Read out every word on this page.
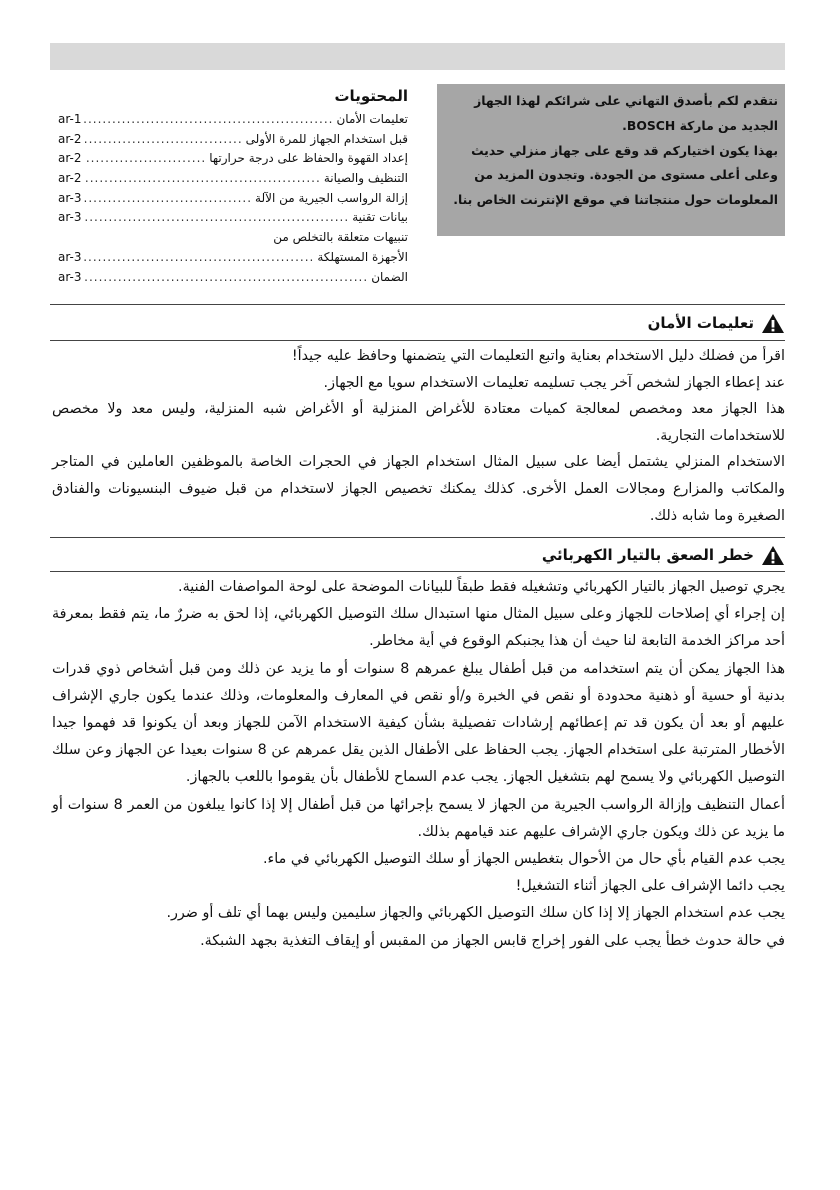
نتقدم لكم بأصدق التهاني على شرائكم لهذا الجهاز الجديد من ماركة BOSCH.

بهذا يكون اختياركم قد وقع على جهاز منزلي حديث وعلى أعلى مستوى من الجودة. وتجدون المزيد من المعلومات حول منتجاتنا في موقع الإنترنت الخاص بنا.

المحتويات
تعليمات الأمان
.....
ar-1
قبل استخدام الجهاز للمرة الأولى
.....
ar-2
إعداد القهوة والحفاظ على درجة حرارتها
.....
ar-2
التنظيف والصيانة
.....
ar-2
إزالة الرواسب الجيرية من الآلة
.....
ar-3
بيانات تقنية
.....
ar-3
تنبيهات متعلقة بالتخلص من
الأجهزة المستهلكة
.....
ar-3
الضمان
.....
ar-3
تعليمات الأمان

اقرأ من فضلك دليل الاستخدام بعناية واتبع التعليمات التي يتضمنها وحافظ عليه جيداً!

عند إعطاء الجهاز لشخص آخر يجب تسليمه تعليمات الاستخدام سويا مع الجهاز.

هذا الجهاز معد ومخصص لمعالجة كميات معتادة للأغراض المنزلية أو الأغراض شبه المنزلية، وليس معد ولا مخصص للاستخدامات التجارية.

الاستخدام المنزلي يشتمل أيضا على سبيل المثال استخدام الجهاز في الحجرات الخاصة بالموظفين العاملين في المتاجر والمكاتب والمزارع ومجالات العمل الأخرى. كذلك يمكنك تخصيص الجهاز لاستخدام من قبل ضيوف البنسيونات والفنادق الصغيرة وما شابه ذلك.

خطر الصعق بالتيار الكهربائي

يجري توصيل الجهاز بالتيار الكهربائي وتشغيله فقط طبقاً للبيانات الموضحة على لوحة المواصفات الفنية.

إن إجراء أي إصلاحات للجهاز وعلى سبيل المثال منها استبدال سلك التوصيل الكهربائي، إذا لحق به ضررٌ ما، يتم فقط بمعرفة أحد مراكز الخدمة التابعة لنا حيث أن هذا يجنبكم الوقوع في أية مخاطر.

هذا الجهاز يمكن أن يتم استخدامه من قبل أطفال يبلغ عمرهم 8 سنوات أو ما يزيد عن ذلك ومن قبل أشخاص ذوي قدرات بدنية أو حسية أو ذهنية محدودة أو نقص في الخبرة و/أو نقص في المعارف والمعلومات، وذلك عندما يكون جاري الإشراف عليهم أو بعد أن يكون قد تم إعطائهم إرشادات تفصيلية بشأن كيفية الاستخدام الآمن للجهاز وبعد أن يكونوا قد فهموا جيدا الأخطار المترتبة على استخدام الجهاز. يجب الحفاظ على الأطفال الذين يقل عمرهم عن 8 سنوات بعيدا عن الجهاز وعن سلك التوصيل الكهربائي ولا يسمح لهم بتشغيل الجهاز. يجب عدم السماح للأطفال بأن يقوموا باللعب بالجهاز.

أعمال التنظيف وإزالة الرواسب الجيرية من الجهاز لا يسمح بإجرائها من قبل أطفال إلا إذا كانوا يبلغون من العمر 8 سنوات أو ما يزيد عن ذلك ويكون جاري الإشراف عليهم عند قيامهم بذلك.

يجب عدم القيام بأي حال من الأحوال بتغطيس الجهاز أو سلك التوصيل الكهربائي في ماء.

يجب دائما الإشراف على الجهاز أثناء التشغيل!

يجب عدم استخدام الجهاز إلا إذا كان سلك التوصيل الكهربائي والجهاز سليمين وليس بهما أي تلف أو ضرر.

في حالة حدوث خطأ يجب على الفور إخراج قابس الجهاز من المقبس أو إيقاف التغذية بجهد الشبكة.
